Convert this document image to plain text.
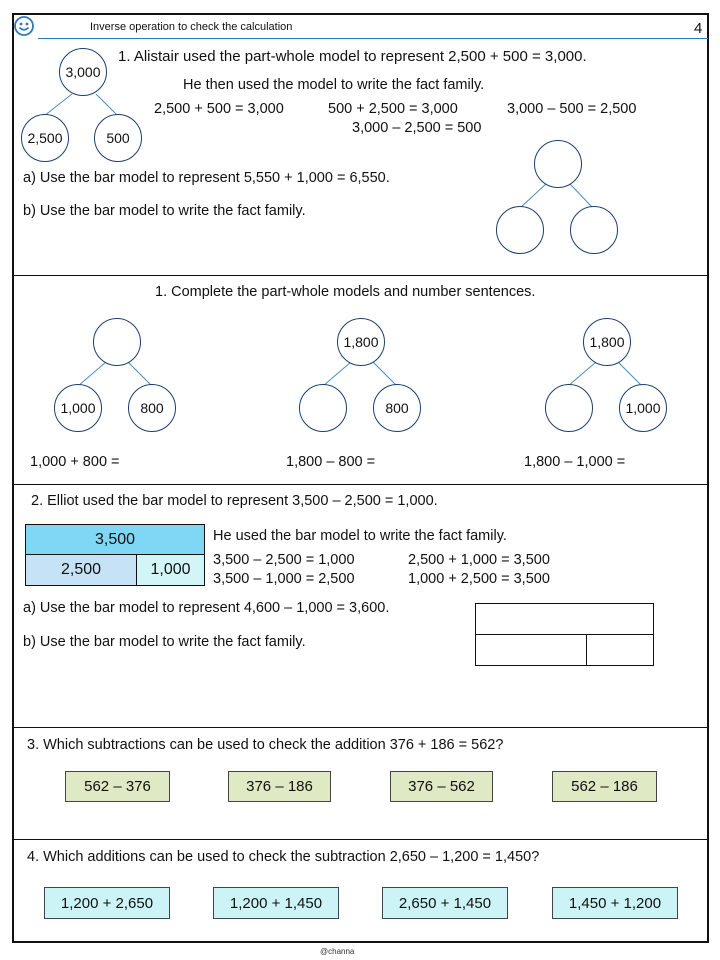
Inverse operation to check the calculation	4
3,000
2,500	500
1. Alistair used the part-whole model to represent 2,500 + 500 = 3,000.
He then used the model to write the fact family.
2,500 + 500 = 3,000	500 + 2,500 = 3,000	3,000 – 500 = 2,500
3,000 – 2,500 = 500
a) Use the bar model to represent 5,550 + 1,000 = 6,550.
b) Use the bar model to write the fact family.
1. Complete the part-whole models and number sentences.
1,000	800
1,000 + 800 =
1,800
800
1,800 – 800 =
1,800
1,000
1,800 – 1,000 =
2. Elliot used the bar model to represent 3,500 – 2,500 = 1,000.
3,500
2,500	1,000
He used the bar model to write the fact family.
3,500 – 2,500 = 1,000	2,500 + 1,000 = 3,500
3,500 – 1,000 = 2,500	1,000 + 2,500 = 3,500
a) Use the bar model to represent 4,600 – 1,000 = 3,600.
b) Use the bar model to write the fact family.
3. Which subtractions can be used to check the addition 376 + 186 = 562?
562 – 376	376 – 186	376 – 562	562 – 186
4. Which additions can be used to check the subtraction 2,650 – 1,200 = 1,450?
1,200 + 2,650	1,200 + 1,450	2,650 + 1,450	1,450 + 1,200
@channa
